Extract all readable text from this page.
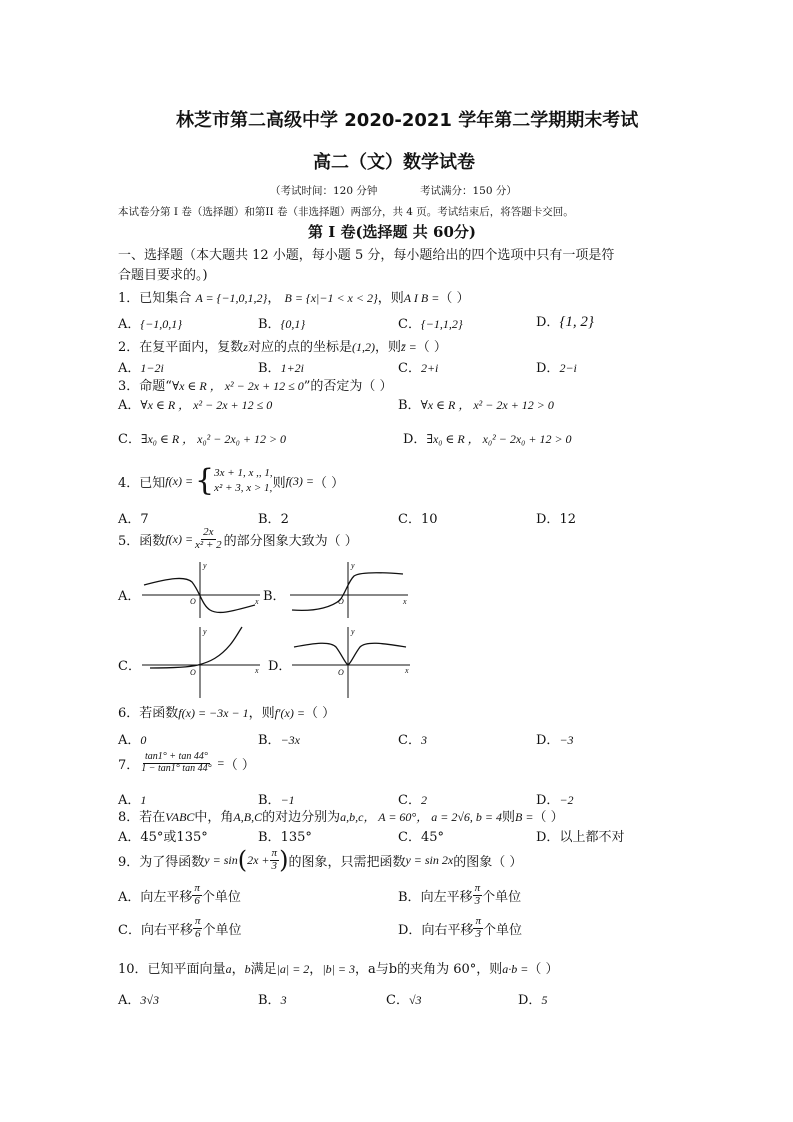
林芝市第二高级中学 2020-2021 学年第二学期期末考试
高二（文）数学试卷
（考试时间：120 分钟	考试满分：150 分）
本试卷分第 I 卷（选择题）和第II 卷（非选择题）两部分，共 4 页。考试结束后，将答题卡交回。
第 I 卷(选择题 共 60分)
一、选择题（本大题共 12 小题，每小题 5 分，每小题给出的四个选项中只有一项是符
合题目要求的。)
1．已知集合 A = {−1,0,1,2}， B = {x|−1 < x < 2}，则A I B =（ ）
A．{−1,0,1}	B．{0,1}	C．{−1,1,2}	D．{1, 2}
2．在复平面内，复数z对应的点的坐标是(1,2)，则z̄ =（ ）
A．1−2i	B．1+2i	C．2+i	D．2−i
3．命题“∀x ∈ R ， x² − 2x + 12 ≤ 0”的否定为（ ）
A．∀x ∈ R ， x² − 2x + 12 ≤ 0	B．∀x ∈ R ， x² − 2x + 12 > 0
C．∃x₀ ∈ R ， x₀² − 2x₀ + 12 > 0	D．∃x₀ ∈ R ， x₀² − 2x₀ + 12 > 0
4． 已知 f(x) = { 3x + 1, x ,, 1,
x² + 3, x > 1, 则 f(3) = （ ）
A．7	B．2	C．10	D．12
5． 函数 $f(x) = \frac{2x}{\text{x² + 2}}$ 的部分图象大致为（ ）
A．	B．
C．	D．
y
x
O
y
x
O
y
x
O
y
x
O
6．若函数f(x) = −3x − 1，则f′(x) =（ ）
A．0	B．−3x	C．3	D．−3
7． $\frac{\tan 1^\circ + \tan 44^\circ}{1 - \tan 1^\circ \tan 44^\circ}$ = （ ）
A．1	B．−1	C．2	D．−2
8．若在VABC中，角A,B,C的对边分别为a,b,c， A = 60°， a = 2√6, b = 4则B =（ ）
A．45°或135°	B．135°	C．45°	D．以上都不对
9． 为了得函数 y = sin ( $2x + \frac{\pi}{3}$ ) 的图象，只需把函数 y = sin 2x 的图象（ ）
A． 向左平移 $\frac{\pi}{6}$ 个单位	B． 向左平移 $\frac{\pi}{3}$ 个单位
C． 向右平移 $\frac{\pi}{6}$ 个单位	D． 向右平移 $\frac{\pi}{3}$ 个单位
10．已知平面向量a，b满足|a| = 2，|b| = 3，a与b的夹角为 60°，则a·b =（ ）
A．3√3	B．3	C．√3	D．5
